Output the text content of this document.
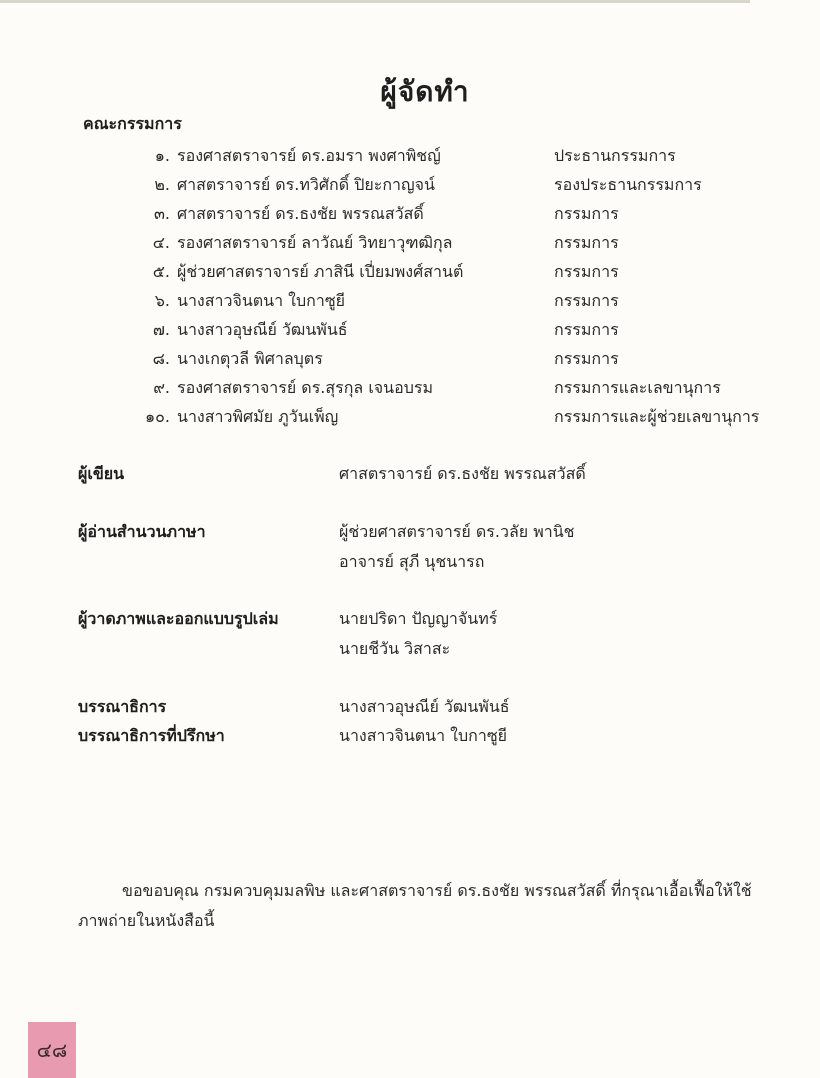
ผู้จัดทำ
คณะกรรมการ
๑. รองศาสตราจารย์ ดร.อมรา พงศาพิชญ์	ประธานกรรมการ
๒. ศาสตราจารย์ ดร.ทวิศักดิ์ ปิยะกาญจน์	รองประธานกรรมการ
๓. ศาสตราจารย์ ดร.ธงชัย พรรณสวัสดิ์	กรรมการ
๔. รองศาสตราจารย์ ลาวัณย์ วิทยาวุฑฒิกุล	กรรมการ
๕. ผู้ช่วยศาสตราจารย์ ภาสินี เปี่ยมพงศ์สานต์	กรรมการ
๖. นางสาวจินตนา ใบกาซูยี	กรรมการ
๗. นางสาวอุษณีย์ วัฒนพันธ์	กรรมการ
๘. นางเกตุวลี พิศาลบุตร	กรรมการ
๙. รองศาสตราจารย์ ดร.สุรกุล เจนอบรม	กรรมการและเลขานุการ
๑๐. นางสาวพิศมัย ภูวันเพ็ญ	กรรมการและผู้ช่วยเลขานุการ
ผู้เขียน	ศาสตราจารย์ ดร.ธงชัย พรรณสวัสดิ์
ผู้อ่านสำนวนภาษา	ผู้ช่วยศาสตราจารย์ ดร.วลัย พานิช
อาจารย์ สุภี นุชนารถ
ผู้วาดภาพและออกแบบรูปเล่ม	นายปริดา ปัญญาจันทร์
นายชีวัน วิสาสะ
บรรณาธิการ	นางสาวอุษณีย์ วัฒนพันธ์
บรรณาธิการที่ปรึกษา	นางสาวจินตนา ใบกาซูยี
ขอขอบคุณ กรมควบคุมมลพิษ และศาสตราจารย์ ดร.ธงชัย พรรณสวัสดิ์ ที่กรุณาเอื้อเฟื้อให้ใช้ภาพถ่ายในหนังสือนี้
๔๘
